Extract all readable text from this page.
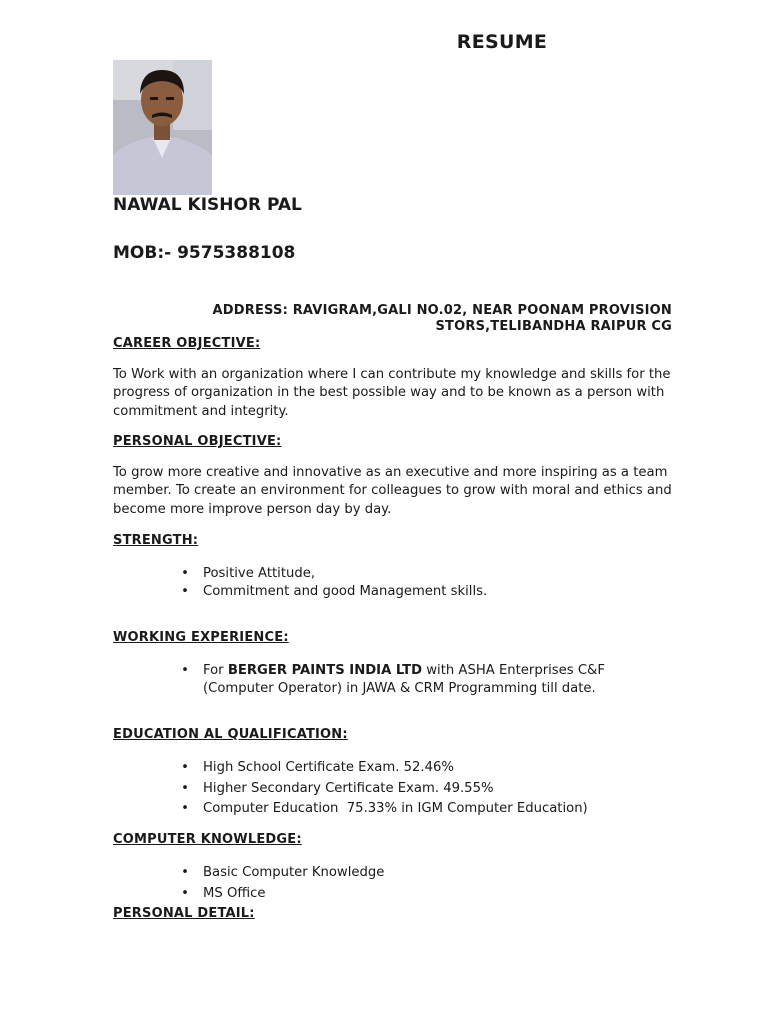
RESUME
NAWAL KISHOR PAL
MOB:- 9575388108
ADDRESS: RAVIGRAM,GALI NO.02, NEAR POONAM PROVISION
STORS,TELIBANDHA RAIPUR CG
CAREER OBJECTIVE:
To Work with an organization where I can contribute my knowledge and skills for the progress of organization in the best possible way and to be known as a person with commitment and integrity.
PERSONAL OBJECTIVE:
To grow more creative and innovative as an executive and more inspiring as a team member. To create an environment for colleagues to grow with moral and ethics and become more improve person day by day.
STRENGTH:
• Positive Attitude,
• Commitment and good Management skills.
WORKING EXPERIENCE:
• For BERGER PAINTS INDIA LTD with ASHA Enterprises C&F (Computer Operator) in JAWA & CRM Programming till date.
EDUCATION AL QUALIFICATION:
• High School Certificate Exam. 52.46%
• Higher Secondary Certificate Exam. 49.55%
• Computer Education  75.33% in IGM Computer Education)
COMPUTER KNOWLEDGE:
• Basic Computer Knowledge
• MS Office
PERSONAL DETAIL:
